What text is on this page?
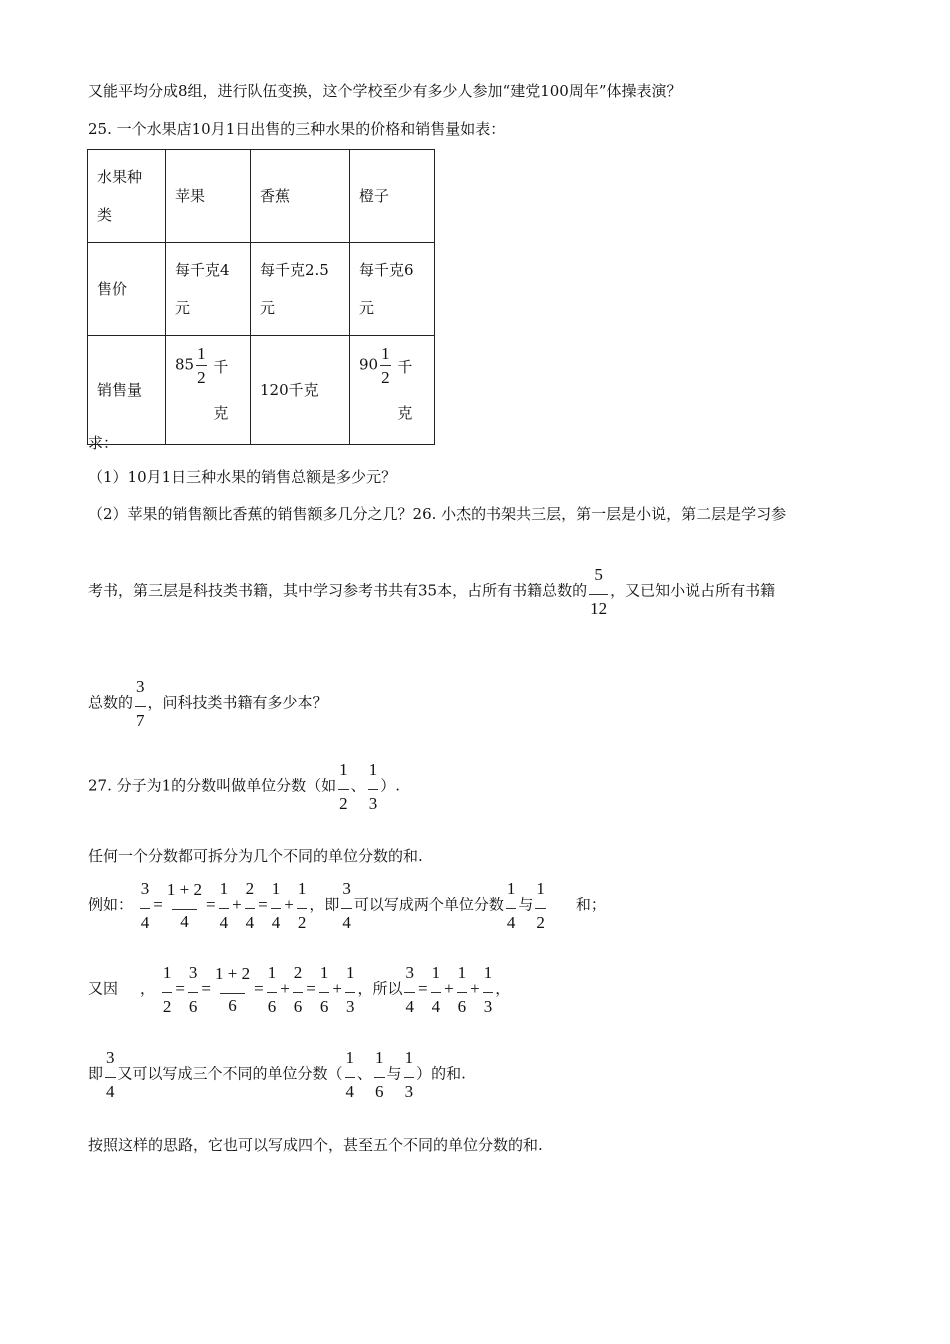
又能平均分成8组，进行队伍变换，这个学校至少有多少人参加“建党100周年”体操表演？
25. 一个水果店10月1日出售的三种水果的价格和销售量如表：
水果种类	苹果	香蕉	橙子
售价	每千克4元	每千克2.5元	每千克6元
销售量	$85 \frac{1}{2}$ 千克	120千克	$90 \frac{1}{2}$ 千克
求：
（1）10月1日三种水果的销售总额是多少元？
（2）苹果的销售额比香蕉的销售额多几分之几？26. 小杰的书架共三层，第一层是小说，第二层是学习参
考书，第三层是科技类书籍，其中学习参考书共有35本，占所有书籍总数的 $\frac{5}{12}$ ，又已知小说占所有书籍
总数的 $\frac{3}{7}$ ，问科技类书籍有多少本？
27. 分子为1的分数叫做单位分数（如 $\frac{1}{2}$ 、 $\frac{1}{3}$ ）.
任何一个分数都可拆分为几个不同的单位分数的和.
例如： $\frac{3}{4} = \frac{1 + 2}{4} = \frac{1}{4} + \frac{2}{4} = \frac{1}{4} + \frac{1}{2}$ ，即 $\frac{3}{4}$ 可以写成两个单位分数 $\frac{1}{4}$ 与 $\frac{1}{2}$ 和；
又因 ， $\frac{1}{2} = \frac{3}{6} = \frac{1 + 2}{6} = \frac{1}{6} + \frac{2}{6} = \frac{1}{6} + \frac{1}{3}$ ，所以 $\frac{3}{4} = \frac{1}{4} + \frac{1}{6} + \frac{1}{3}$ ，
即 $\frac{3}{4}$ 又可以写成三个不同的单位分数（ $\frac{1}{4}$ 、 $\frac{1}{6}$ 与 $\frac{1}{3}$ ）的和.
按照这样的思路，它也可以写成四个，甚至五个不同的单位分数的和.
